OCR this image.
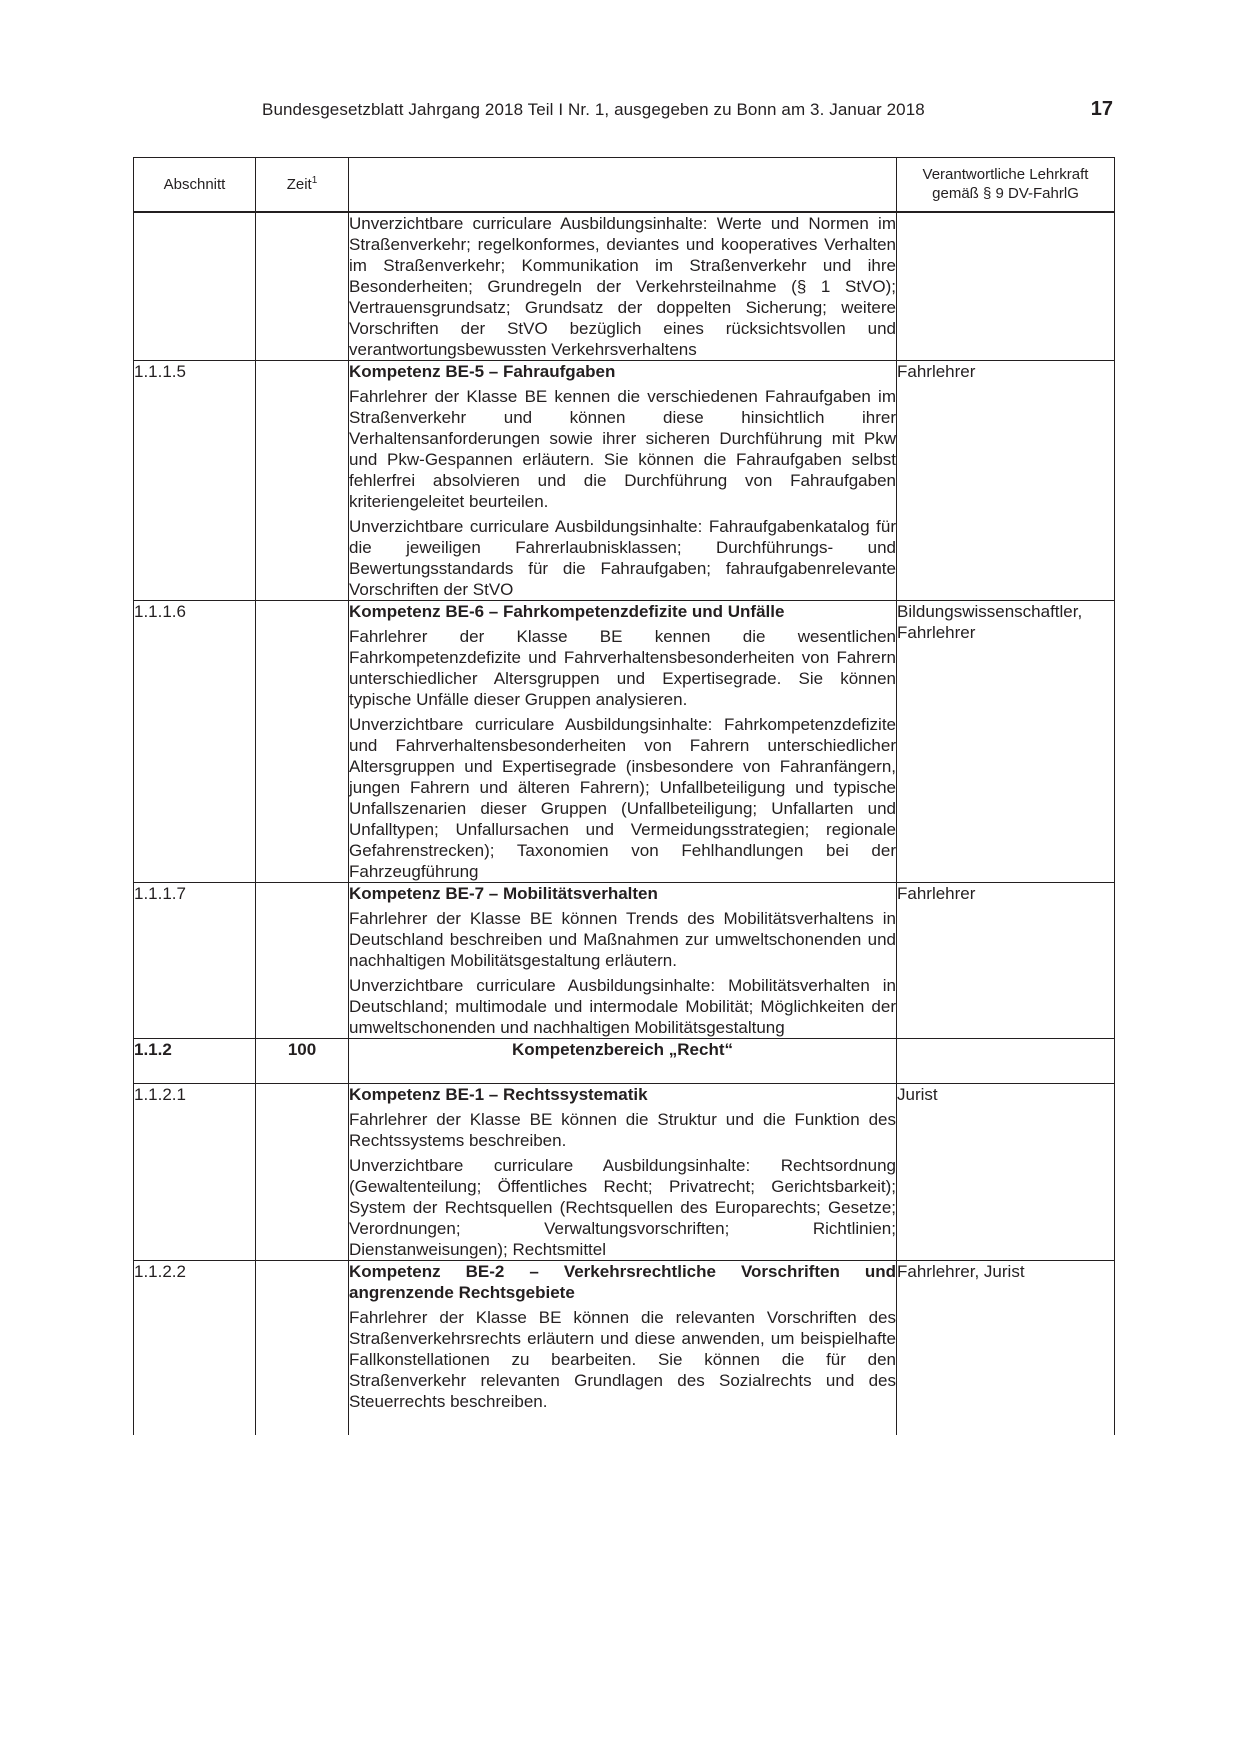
Bundesgesetzblatt Jahrgang 2018 Teil I Nr. 1, ausgegeben zu Bonn am 3. Januar 2018	17
Abschnitt	Zeit$^1$		Verantwortliche Lehrkraft gemäß § 9 DV-FahrlG

		Unverzichtbare curriculare Ausbildungsinhalte: Werte und Normen im Straßenverkehr; regelkonformes, deviantes und kooperatives Verhalten im Straßenverkehr; Kommunikation im Straßenverkehr und ihre Besonderheiten; Grundregeln der Verkehrsteilnahme (§ 1 StVO); Vertrauensgrundsatz; Grundsatz der doppelten Sicherung; weitere Vorschriften der StVO bezüglich eines rücksichtsvollen und verantwortungsbewussten Verkehrsverhaltens	

1.1.1.5		Kompetenz BE-5 – Fahraufgaben
Fahrlehrer der Klasse BE kennen die verschiedenen Fahraufgaben im Straßenverkehr und können diese hinsichtlich ihrer Verhaltensanforderungen sowie ihrer sicheren Durchführung mit Pkw und Pkw-Gespannen erläutern. Sie können die Fahraufgaben selbst fehlerfrei absolvieren und die Durchführung von Fahraufgaben kriteriengeleitet beurteilen.
Unverzichtbare curriculare Ausbildungsinhalte: Fahraufgabenkatalog für die jeweiligen Fahrerlaubnisklassen; Durchführungs- und Bewertungsstandards für die Fahraufgaben; fahraufgabenrelevante Vorschriften der StVO	Fahrlehrer
1.1.1.6		Kompetenz BE-6 – Fahrkompetenzdefizite und Unfälle
Fahrlehrer der Klasse BE kennen die wesentlichen Fahrkompetenzdefizite und Fahrverhaltensbesonderheiten von Fahrern unterschiedlicher Altersgruppen und Expertisegrade. Sie können typische Unfälle dieser Gruppen analysieren.
Unverzichtbare curriculare Ausbildungsinhalte: Fahrkompetenzdefizite und Fahrverhaltensbesonderheiten von Fahrern unterschiedlicher Altersgruppen und Expertisegrade (insbesondere von Fahranfängern, jungen Fahrern und älteren Fahrern); Unfallbeteiligung und typische Unfallszenarien dieser Gruppen (Unfallbeteiligung; Unfallarten und Unfalltypen; Unfallursachen und Vermeidungsstrategien; regionale Gefahrenstrecken); Taxonomien von Fehlhandlungen bei der Fahrzeugführung	Bildungswissenschaftler, Fahrlehrer
1.1.1.7		Kompetenz BE-7 – Mobilitätsverhalten
Fahrlehrer der Klasse BE können Trends des Mobilitätsverhaltens in Deutschland beschreiben und Maßnahmen zur umweltschonenden und nachhaltigen Mobilitätsgestaltung erläutern.
Unverzichtbare curriculare Ausbildungsinhalte: Mobilitätsverhalten in Deutschland; multimodale und intermodale Mobilität; Möglichkeiten der umweltschonenden und nachhaltigen Mobilitätsgestaltung	Fahrlehrer
1.1.2	100	Kompetenzbereich „Recht“	
1.1.2.1		Kompetenz BE-1 – Rechtssystematik
Fahrlehrer der Klasse BE können die Struktur und die Funktion des Rechtssystems beschreiben.
Unverzichtbare curriculare Ausbildungsinhalte: Rechtsordnung (Gewaltenteilung; Öffentliches Recht; Privatrecht; Gerichtsbarkeit); System der Rechtsquellen (Rechtsquellen des Europarechts; Gesetze; Verordnungen; Verwaltungsvorschriften; Richtlinien; Dienstanweisungen); Rechtsmittel	Jurist
1.1.2.2		Kompetenz BE-2 – Verkehrsrechtliche Vorschriften und angrenzende Rechtsgebiete
Fahrlehrer der Klasse BE können die relevanten Vorschriften des Straßenverkehrsrechts erläutern und diese anwenden, um beispielhafte Fallkonstellationen zu bearbeiten. Sie können die für den Straßenverkehr relevanten Grundlagen des Sozialrechts und des Steuerrechts beschreiben.	Fahrlehrer, Jurist
